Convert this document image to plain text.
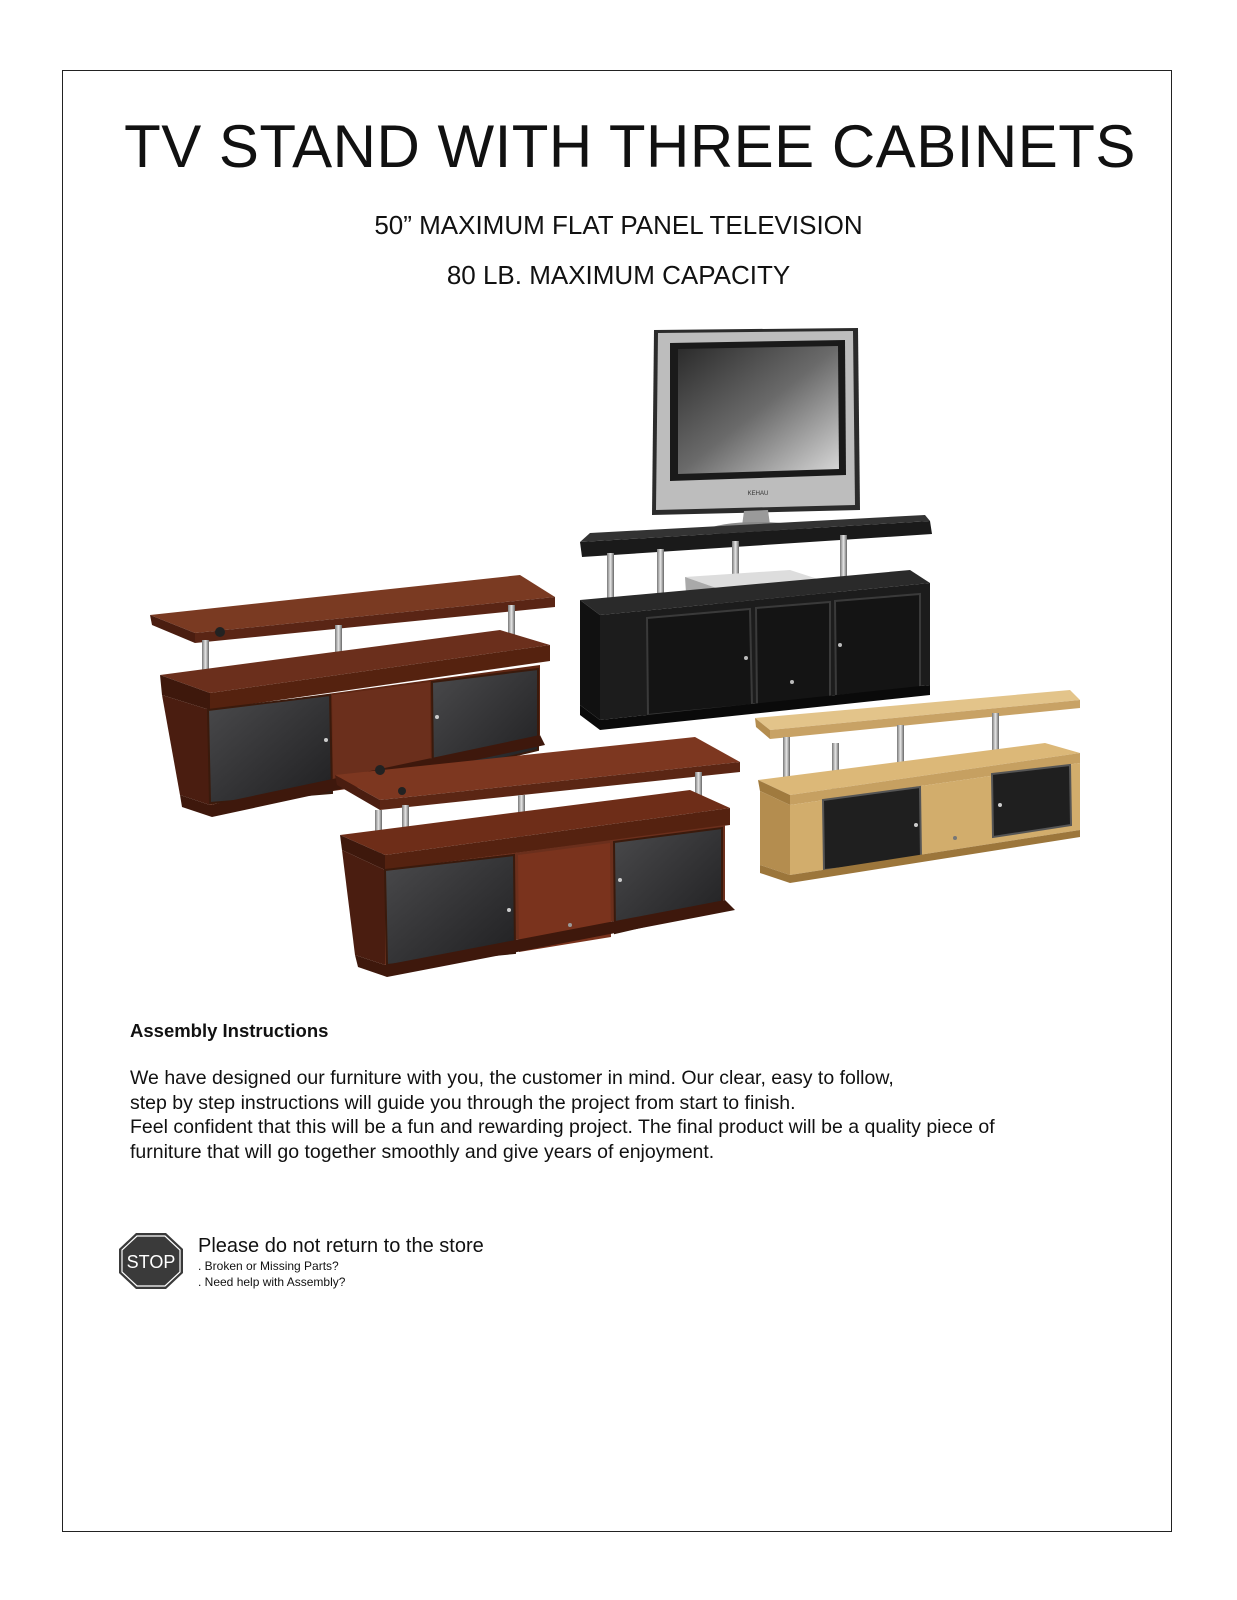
TV STAND WITH THREE CABINETS
50” MAXIMUM FLAT PANEL TELEVISION
80 LB. MAXIMUM CAPACITY
KEHAU
Assembly Instructions
We have designed our furniture with you, the customer in mind. Our clear, easy to follow,
step by step instructions will guide you through the project from start to finish.
Feel confident that this will be a fun and rewarding project. The final product will be a quality piece of
furniture that will go together smoothly and give years of enjoyment.
STOP
Please do not return to the store
. Broken or Missing Parts?
. Need help with Assembly?
